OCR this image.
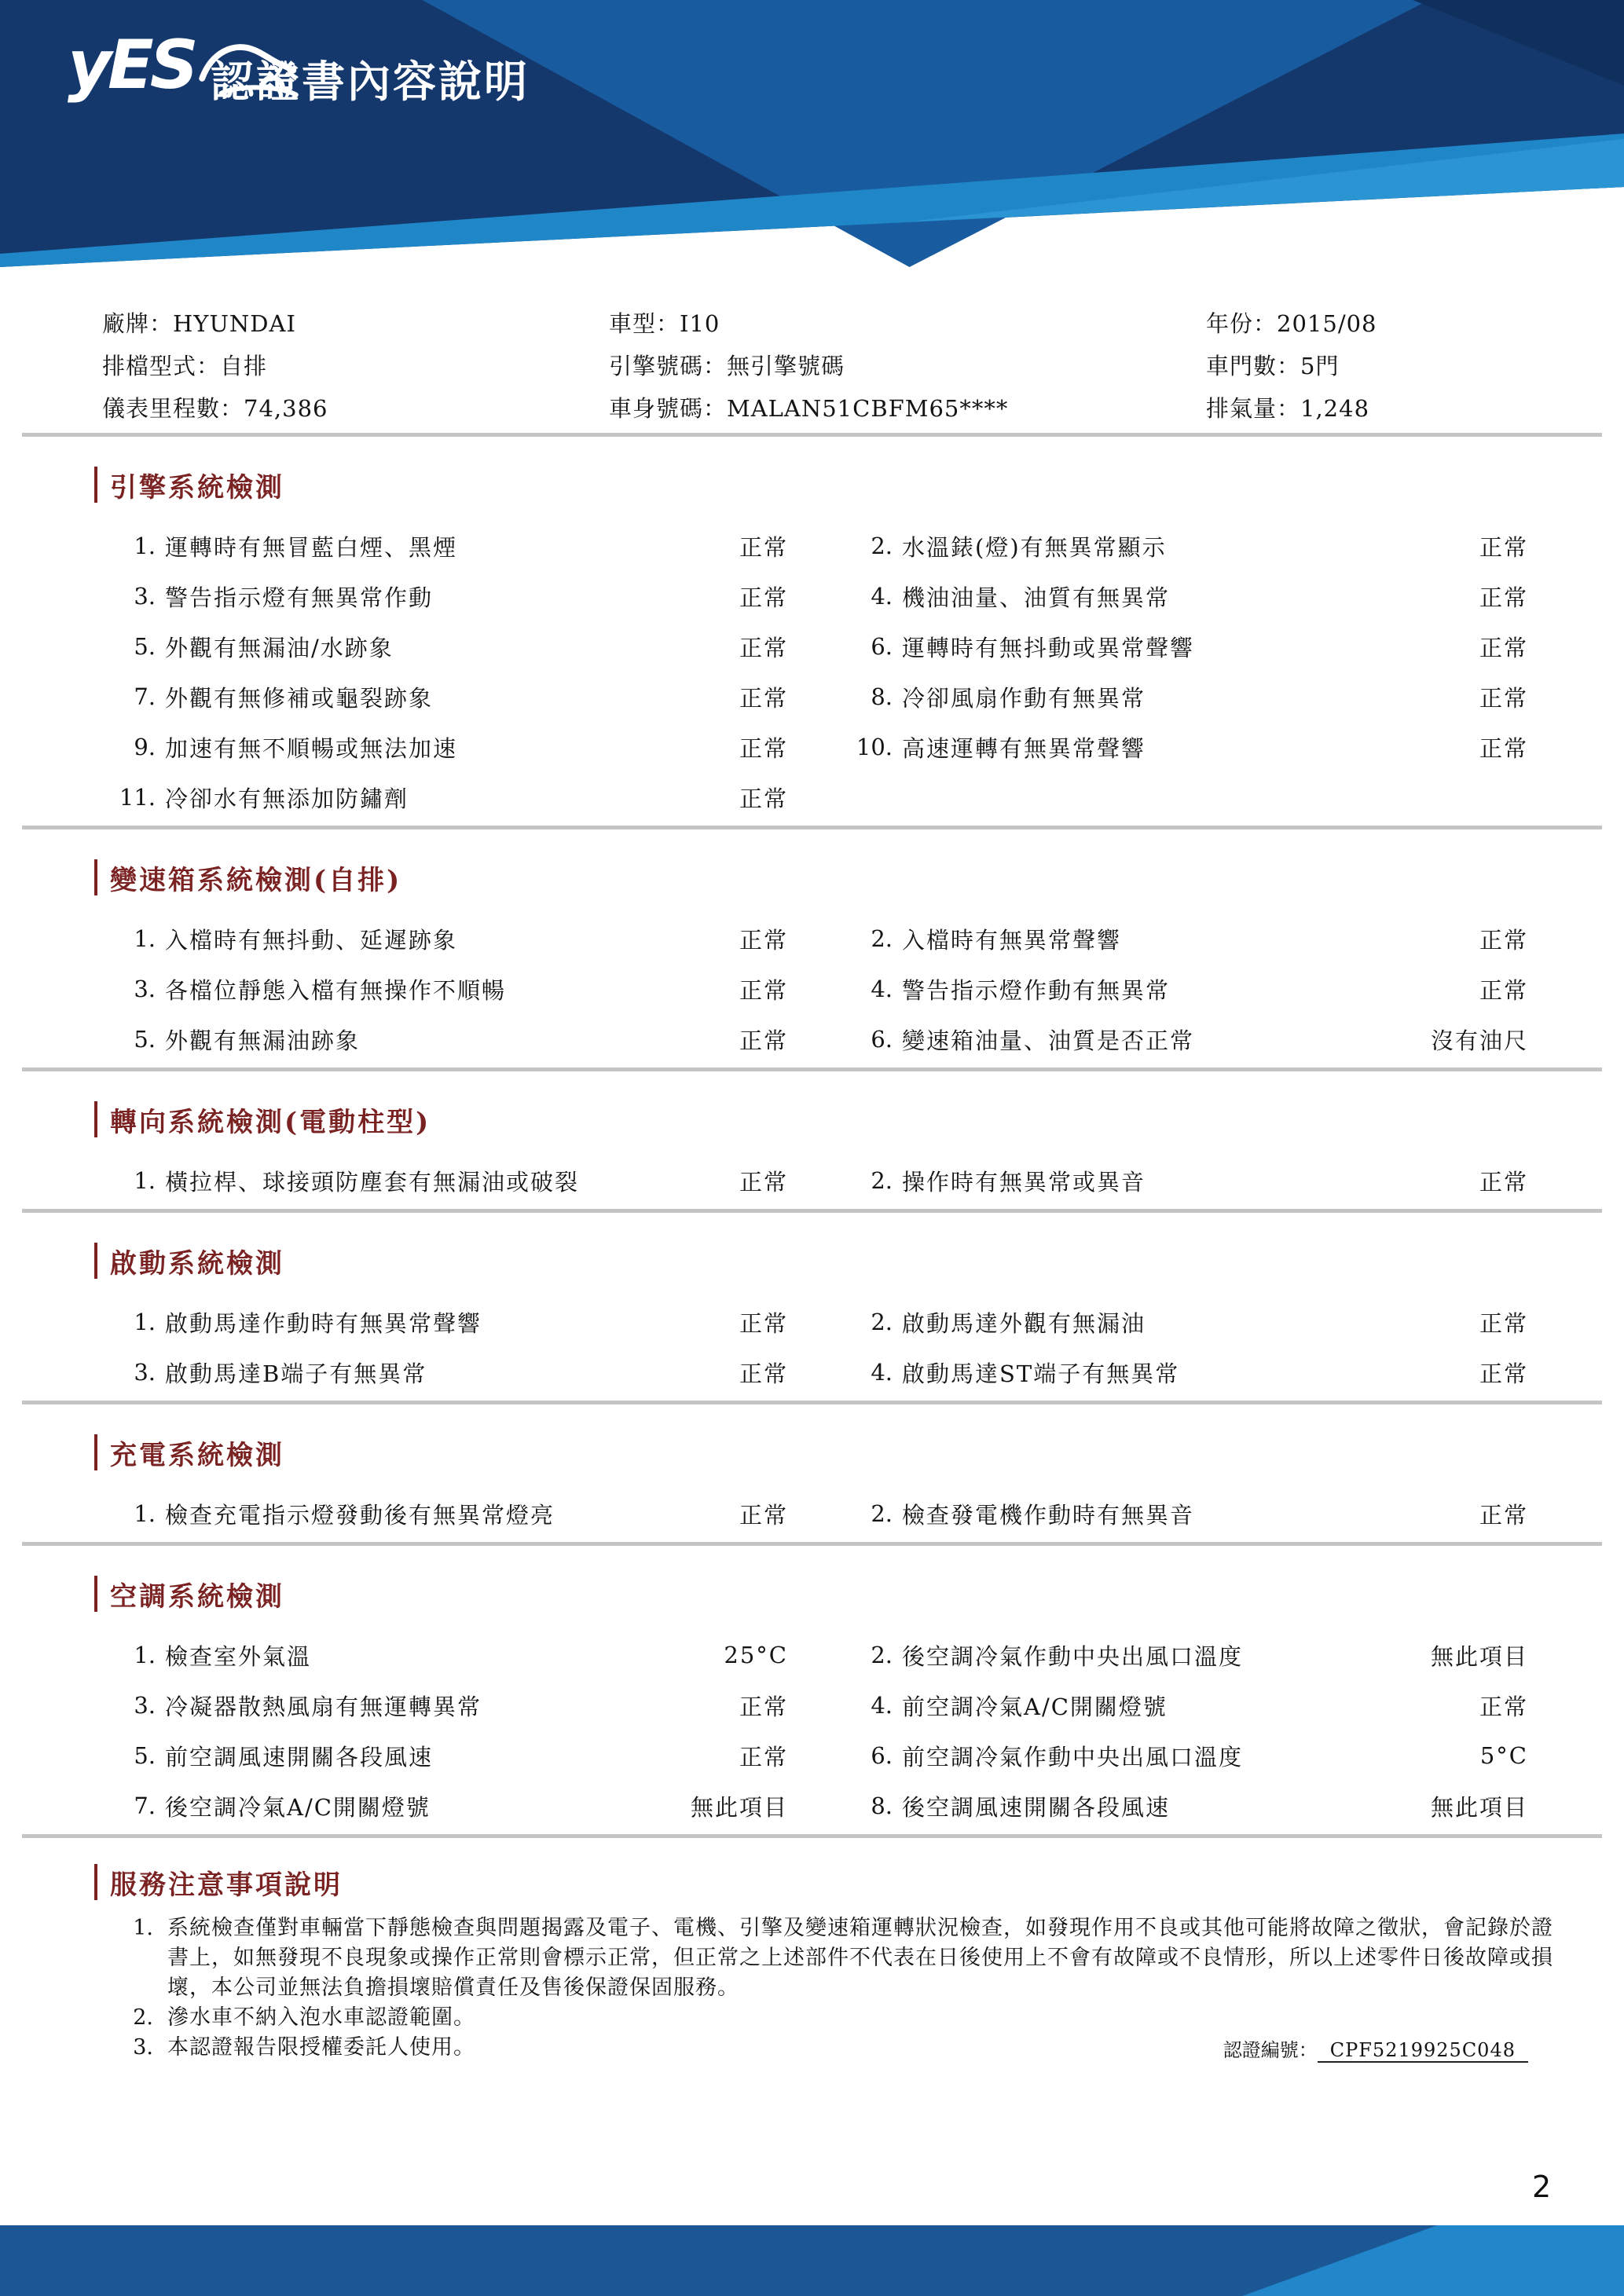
yES 認證書內容說明
廠牌：HYUNDAI	車型：I10	年份：2015/08
排檔型式：自排	引擎號碼：無引擎號碼	車門數：5門
儀表里程數：74,386	車身號碼：MALAN51CBFM65****	排氣量：1,248
引擎系統檢測
1. 運轉時有無冒藍白煙、黑煙	正常	2. 水溫錶(燈)有無異常顯示	正常
3. 警告指示燈有無異常作動	正常	4. 機油油量、油質有無異常	正常
5. 外觀有無漏油/水跡象	正常	6. 運轉時有無抖動或異常聲響	正常
7. 外觀有無修補或龜裂跡象	正常	8. 冷卻風扇作動有無異常	正常
9. 加速有無不順暢或無法加速	正常	10. 高速運轉有無異常聲響	正常
11. 冷卻水有無添加防鏽劑	正常
變速箱系統檢測(自排)
1. 入檔時有無抖動、延遲跡象	正常	2. 入檔時有無異常聲響	正常
3. 各檔位靜態入檔有無操作不順暢	正常	4. 警告指示燈作動有無異常	正常
5. 外觀有無漏油跡象	正常	6. 變速箱油量、油質是否正常	沒有油尺
轉向系統檢測(電動柱型)
1. 橫拉桿、球接頭防塵套有無漏油或破裂	正常	2. 操作時有無異常或異音	正常
啟動系統檢測
1. 啟動馬達作動時有無異常聲響	正常	2. 啟動馬達外觀有無漏油	正常
3. 啟動馬達B端子有無異常	正常	4. 啟動馬達ST端子有無異常	正常
充電系統檢測
1. 檢查充電指示燈發動後有無異常燈亮	正常	2. 檢查發電機作動時有無異音	正常
空調系統檢測
1. 檢查室外氣溫	25°C	2. 後空調冷氣作動中央出風口溫度	無此項目
3. 冷凝器散熱風扇有無運轉異常	正常	4. 前空調冷氣A/C開關燈號	正常
5. 前空調風速開關各段風速	正常	6. 前空調冷氣作動中央出風口溫度	5°C
7. 後空調冷氣A/C開關燈號	無此項目	8. 後空調風速開關各段風速	無此項目
服務注意事項說明
1. 系統檢查僅對車輛當下靜態檢查與問題揭露及電子、電機、引擎及變速箱運轉狀況檢查，如發現作用不良或其他可能將故障之徵狀，會記錄於證書上，如無發現不良現象或操作正常則會標示正常，但正常之上述部件不代表在日後使用上不會有故障或不良情形，所以上述零件日後故障或損壞，本公司並無法負擔損壞賠償責任及售後保證保固服務。

2. 滲水車不納入泡水車認證範圍。

3. 本認證報告限授權委託人使用。	認證編號： CPF5219925C048
2
